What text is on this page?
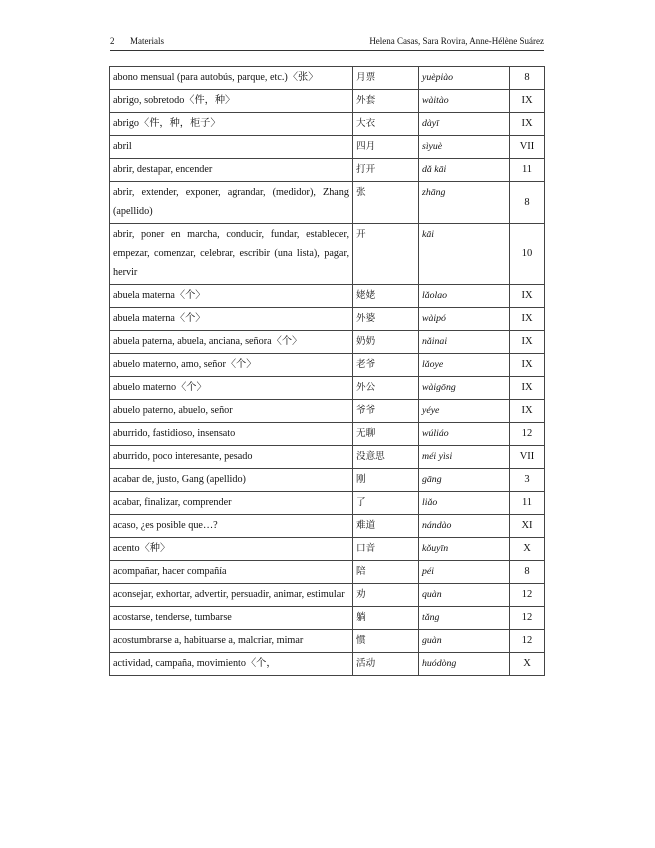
2 Materials	Helena Casas, Sara Rovira, Anne-Hélène Suárez
abono mensual (para autobús, parque, etc.)〈张〉	月票	yuèpiào	8
abrigo, sobretodo〈件，种〉	外套	wàitào	IX
abrigo〈件，种，柜子〉	大衣	dàyī	IX
abril	四月	sìyuè	VII
abrir, destapar, encender	打开	dǎ kāi	11
abrir, extender, exponer, agrandar, (medidor), Zhang (apellido)	张	zhāng	8
abrir, poner en marcha, conducir, fundar, establecer, empezar, comenzar, celebrar, escribir (una lista), pagar, hervir	开	kāi	10
abuela materna〈个〉	姥姥	lǎolao	IX
abuela materna〈个〉	外婆	wàipó	IX
abuela paterna, abuela, anciana, señora〈个〉	奶奶	nǎinai	IX
abuelo materno, amo, señor〈个〉	老爷	lǎoye	IX
abuelo materno〈个〉	外公	wàigōng	IX
abuelo paterno, abuelo, señor	爷爷	yéye	IX
aburrido, fastidioso, insensato	无聊	wúliáo	12
aburrido, poco interesante, pesado	没意思	méi yìsi	VII
acabar de, justo, Gang (apellido)	刚	gāng	3
acabar, finalizar, comprender	了	liǎo	11
acaso, ¿es posible que…?	难道	nándào	XI
acento〈种〉	口音	kǒuyīn	X
acompañar, hacer compañía	陪	péi	8
aconsejar, exhortar, advertir, persuadir, animar, estimular	劝	quàn	12
acostarse, tenderse, tumbarse	躺	tǎng	12
acostumbrarse a, habituarse a, malcriar, mimar	惯	guàn	12
actividad, campaña, movimiento〈个，	活动	huódòng	X
